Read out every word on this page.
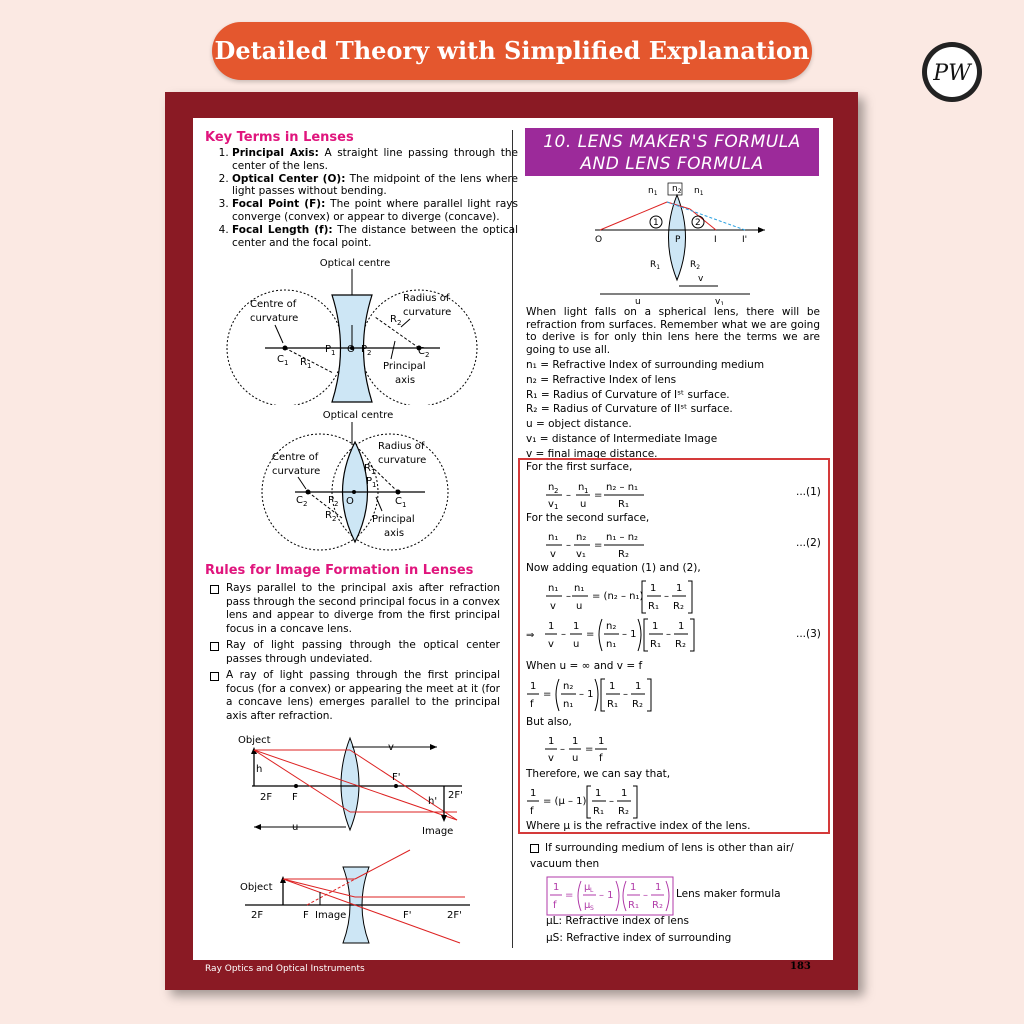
Detailed Theory with Simplified Explanation
PW
Key Terms in Lenses
1. Principal Axis: A straight line passing through the center of the lens.
2. Optical Center (O): The midpoint of the lens where light passes without bending.
3. Focal Point (F): The point where parallel light rays converge (convex) or appear to diverge (concave).
4. Focal Length (f): The distance between the optical center and the focal point.
Optical centre
Centre of
curvature
Radius of
curvature
$C_1$
$P_1$ O $P_2$	$C_2$
$R_1$
$R_2$
Principal
axis
Optical centre
Centre of
curvature
Radius of
curvature
$C_2$ $P_2$ O	$C_1$
$R_1$
$P_1$
$R_2$	Principal
axis
Rules for Image Formation in Lenses
Rays parallel to the principal axis after refraction pass through the second principal focus in a convex lens and appear to diverge from the first principal focus in a concave lens.
Ray of light passing through the optical center passes through undeviated.
A ray of light passing through the first principal focus (for a convex) or appearing the meet at it (for a concave lens) emerges parallel to the principal axis after refraction.
Object
h
v
F'
2F F	h'
2F'
u	Image
Object
2F	F Image	F'	2F'
10. LENS MAKER'S FORMULA
AND LENS FORMULA
$n_1$ $n_2$ $n_1$
1	2
O	P	I	I'
$R_1$	$R_2$
v
u	$v_1$
When light falls on a spherical lens, there will be refraction from surfaces. Remember what we are going to derive is for only thin lens here the terms we are going to use all.
n₁ = Refractive Index of surrounding medium
n₂ = Refractive Index of lens
R₁ = Radius of Curvature of Iˢᵗ surface.
R₂ = Radius of Curvature of IIˢᵗ surface.
u = object distance.
v₁ = distance of Intermediate Image
v = final image distance.
For the first surface,
For the second surface,
Now adding equation (1) and (2),
When u = ∞ and v = f
But also,
Therefore, we can say that,
Where μ is the refractive index of the lens.
...(1)
...(2)
...(3)
n 2
v 1
–
n 1
u
=
n₂ – n₁
R₁
n₁
v
–
n₂
v₁
=
n₁ – n₂
R₂
n₁
v
–
n₁
u
= (n₂ – n₁)
1
R₁
–
1
R₂
⇒
1
v
–
1
u
=
n₂
n₁
– 1
1
R₁
–
1
R₂
1
f
=
n₂
n₁
– 1
1
R₁
–
1
R₂
1
v
–
1
u
=
1
f
1
f
= (μ – 1)
1
R₁
–
1
R₂
If surrounding medium of lens is other than air/ vacuum then
1
f
=
μ L
μ S
– 1
1
R₁
–
1
R₂
Lens maker formula
μL: Refractive index of lens
μS: Refractive index of surrounding
Ray Optics and Optical Instruments	183
